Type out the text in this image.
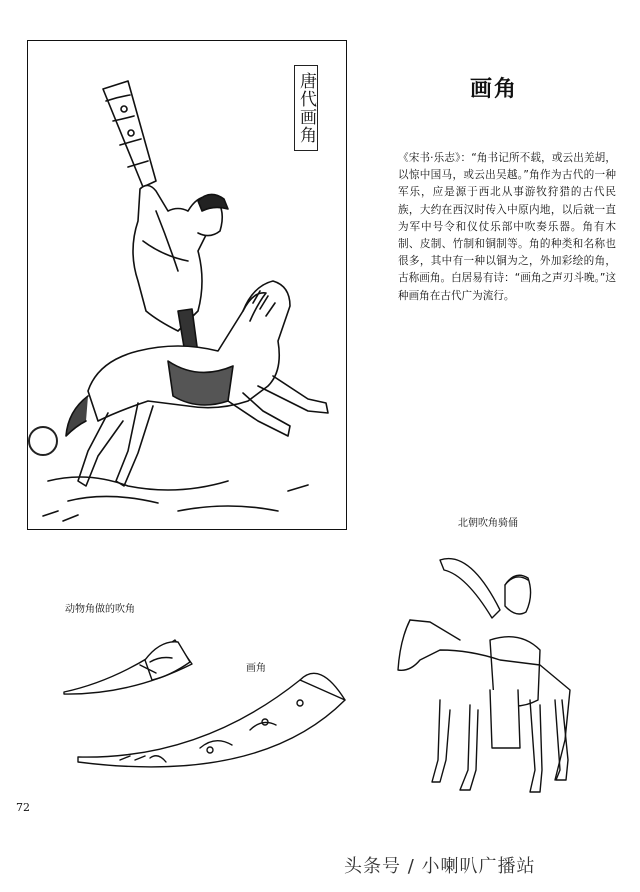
唐代画角	画角

《宋书·乐志》：“角书记所不载，或云出羌胡，以惊中国马，或云出吴越。”角作为古代的一种军乐，应是源于西北从事游牧狩猎的古代民族，大约在西汉时传入中原内地，以后就一直为军中号令和仪仗乐部中吹奏乐器。角有木制、皮制、竹制和铜制等。角的种类和名称也很多，其中有一种以铜为之，外加彩绘的角，古称画角。白居易有诗：“画角之声刃斗晚。”这种画角在古代广为流行。

北朝吹角骑俑
动物角做的吹角
画角
72
头条号 / 小喇叭广播站
